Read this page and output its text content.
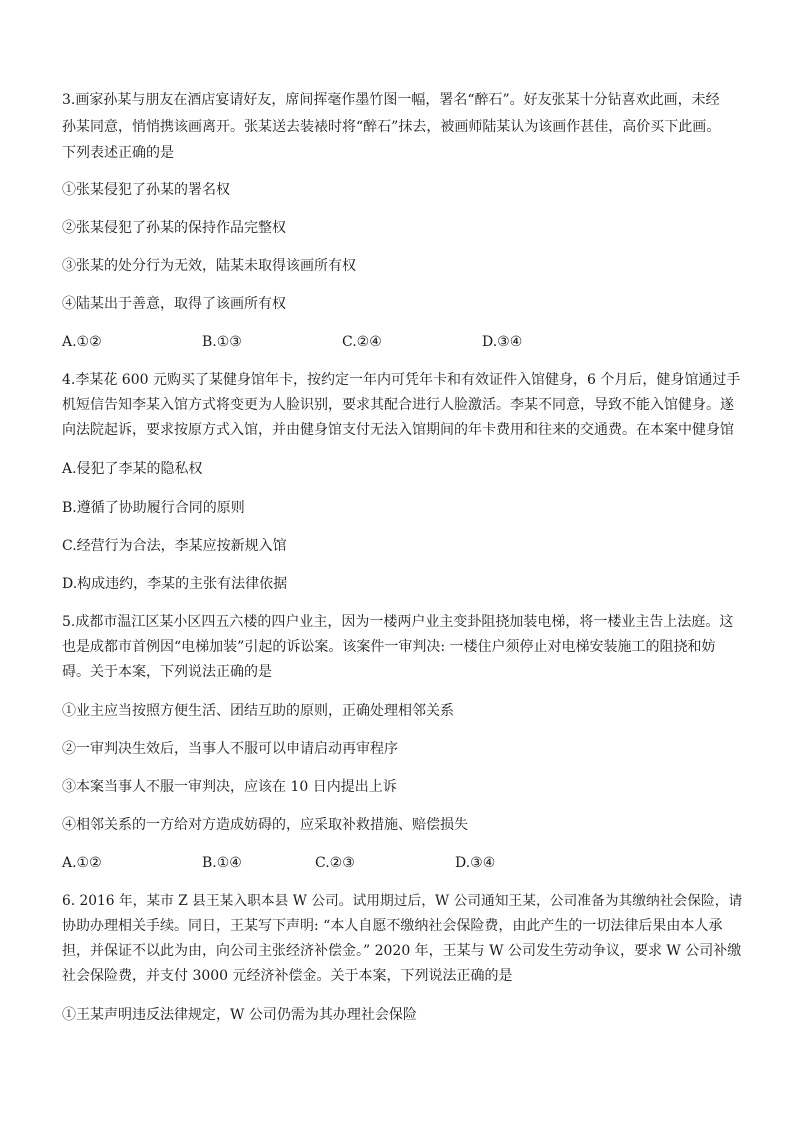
3.画家孙某与朋友在酒店宴请好友，席间挥毫作墨竹图一幅，署名“醉石”。好友张某十分钻喜欢此画，未经
孙某同意，悄悄携该画离开。张某送去装裱时将“醉石”抹去，被画师陆某认为该画作甚佳，高价买下此画。
下列表述正确的是
①张某侵犯了孙某的署名权
②张某侵犯了孙某的保持作品完整权
③张某的处分行为无效，陆某未取得该画所有权
④陆某出于善意，取得了该画所有权
A.①②	B.①③	C.②④	D.③④
4.李某花 600 元购买了某健身馆年卡，按约定一年内可凭年卡和有效证件入馆健身，6 个月后，健身馆通过手
机短信告知李某入馆方式将变更为人脸识别，要求其配合进行人脸激活。李某不同意，导致不能入馆健身。遂
向法院起诉，要求按原方式入馆，并由健身馆支付无法入馆期间的年卡费用和往来的交通费。在本案中健身馆
A.侵犯了李某的隐私权
B.遵循了协助履行合同的原则
C.经营行为合法，李某应按新规入馆
D.构成违约，李某的主张有法律依据
5.成都市温江区某小区四五六楼的四户业主，因为一楼两户业主变卦阻挠加装电梯，将一楼业主告上法庭。这
也是成都市首例因“电梯加装”引起的诉讼案。该案件一审判决: 一楼住户须停止对电梯安装施工的阻挠和妨
碍。关于本案，下列说法正确的是
①业主应当按照方便生活、团结互助的原则，正确处理相邻关系
②一审判决生效后，当事人不服可以申请启动再审程序
③本案当事人不服一审判决，应该在 10 日内提出上诉
④相邻关系的一方给对方造成妨碍的，应采取补救措施、赔偿损失
A.①②	B.①④	C.②③	D.③④
6. 2016 年，某市 Z 县王某入职本县 W 公司。试用期过后，W 公司通知王某，公司准备为其缴纳社会保险，请
协助办理相关手续。同日，王某写下声明: “本人自愿不缴纳社会保险费，由此产生的一切法律后果由本人承
担，并保证不以此为由，向公司主张经济补偿金。” 2020 年，王某与 W 公司发生劳动争议，要求 W 公司补缴
社会保险费，并支付 3000 元经济补偿金。关于本案，下列说法正确的是
①王某声明违反法律规定，W 公司仍需为其办理社会保险
